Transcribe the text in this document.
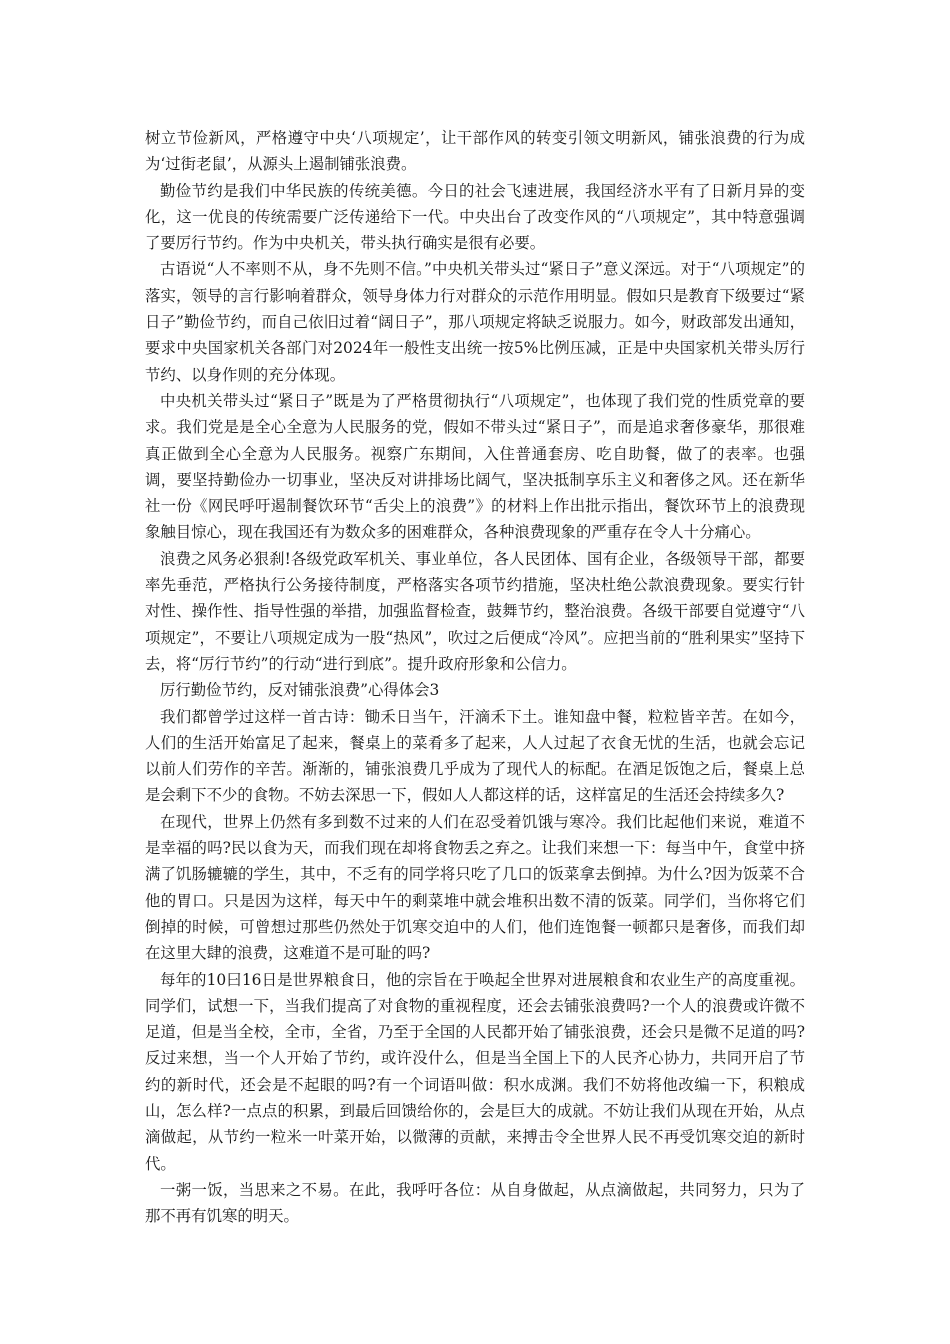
树立节俭新风，严格遵守中央‘八项规定’，让干部作风的转变引领文明新风，铺张浪费的行为成为‘过街老鼠’，从源头上遏制铺张浪费。

勤俭节约是我们中华民族的传统美德。今日的社会飞速进展，我国经济水平有了日新月异的变化，这一优良的传统需要广泛传递给下一代。中央出台了改变作风的“八项规定”，其中特意强调了要厉行节约。作为中央机关，带头执行确实是很有必要。

古语说“人不率则不从，身不先则不信。”中央机关带头过“紧日子”意义深远。对于“八项规定”的落实，领导的言行影响着群众，领导身体力行对群众的示范作用明显。假如只是教育下级要过“紧日子”勤俭节约，而自己依旧过着“阔日子”，那八项规定将缺乏说服力。如今，财政部发出通知，要求中央国家机关各部门对2024年一般性支出统一按5%比例压减，正是中央国家机关带头厉行节约、以身作则的充分体现。

中央机关带头过“紧日子”既是为了严格贯彻执行“八项规定”，也体现了我们党的性质党章的要求。我们党是是全心全意为人民服务的党，假如不带头过“紧日子”，而是追求奢侈豪华，那很难真正做到全心全意为人民服务。视察广东期间，入住普通套房、吃自助餐，做了的表率。也强调，要坚持勤俭办一切事业，坚决反对讲排场比阔气，坚决抵制享乐主义和奢侈之风。还在新华社一份《网民呼吁遏制餐饮环节“舌尖上的浪费”》的材料上作出批示指出，餐饮环节上的浪费现象触目惊心，现在我国还有为数众多的困难群众，各种浪费现象的严重存在令人十分痛心。

浪费之风务必狠刹!各级党政军机关、事业单位，各人民团体、国有企业，各级领导干部，都要率先垂范，严格执行公务接待制度，严格落实各项节约措施，坚决杜绝公款浪费现象。要实行针对性、操作性、指导性强的举措，加强监督检查，鼓舞节约，整治浪费。各级干部要自觉遵守“八项规定”，不要让八项规定成为一股“热风”，吹过之后便成“冷风”。应把当前的“胜利果实”坚持下去，将“厉行节约”的行动“进行到底”。提升政府形象和公信力。

厉行勤俭节约，反对铺张浪费”心得体会3

我们都曾学过这样一首古诗：锄禾日当午，汗滴禾下土。谁知盘中餐，粒粒皆辛苦。在如今，人们的生活开始富足了起来，餐桌上的菜肴多了起来，人人过起了衣食无忧的生活，也就会忘记以前人们劳作的辛苦。渐渐的，铺张浪费几乎成为了现代人的标配。在酒足饭饱之后，餐桌上总是会剩下不少的食物。不妨去深思一下，假如人人都这样的话，这样富足的生活还会持续多久?

在现代，世界上仍然有多到数不过来的人们在忍受着饥饿与寒冷。我们比起他们来说，难道不是幸福的吗?民以食为天，而我们现在却将食物丢之弃之。让我们来想一下：每当中午，食堂中挤满了饥肠辘辘的学生，其中，不乏有的同学将只吃了几口的饭菜拿去倒掉。为什么?因为饭菜不合他的胃口。只是因为这样，每天中午的剩菜堆中就会堆积出数不清的饭菜。同学们，当你将它们倒掉的时候，可曾想过那些仍然处于饥寒交迫中的人们，他们连饱餐一顿都只是奢侈，而我们却在这里大肆的浪费，这难道不是可耻的吗?

每年的10曰16日是世界粮食日，他的宗旨在于唤起全世界对进展粮食和农业生产的高度重视。同学们，试想一下，当我们提高了对食物的重视程度，还会去铺张浪费吗?一个人的浪费或许微不足道，但是当全校，全市，全省，乃至于全国的人民都开始了铺张浪费，还会只是微不足道的吗?反过来想，当一个人开始了节约，或许没什么，但是当全国上下的人民齐心协力，共同开启了节约的新时代，还会是不起眼的吗?有一个词语叫做：积水成渊。我们不妨将他改编一下，积粮成山，怎么样?一点点的积累，到最后回馈给你的，会是巨大的成就。不妨让我们从现在开始，从点滴做起，从节约一粒米一叶菜开始，以微薄的贡献，来搏击令全世界人民不再受饥寒交迫的新时代。

一粥一饭，当思来之不易。在此，我呼吁各位：从自身做起，从点滴做起，共同努力，只为了那不再有饥寒的明天。
